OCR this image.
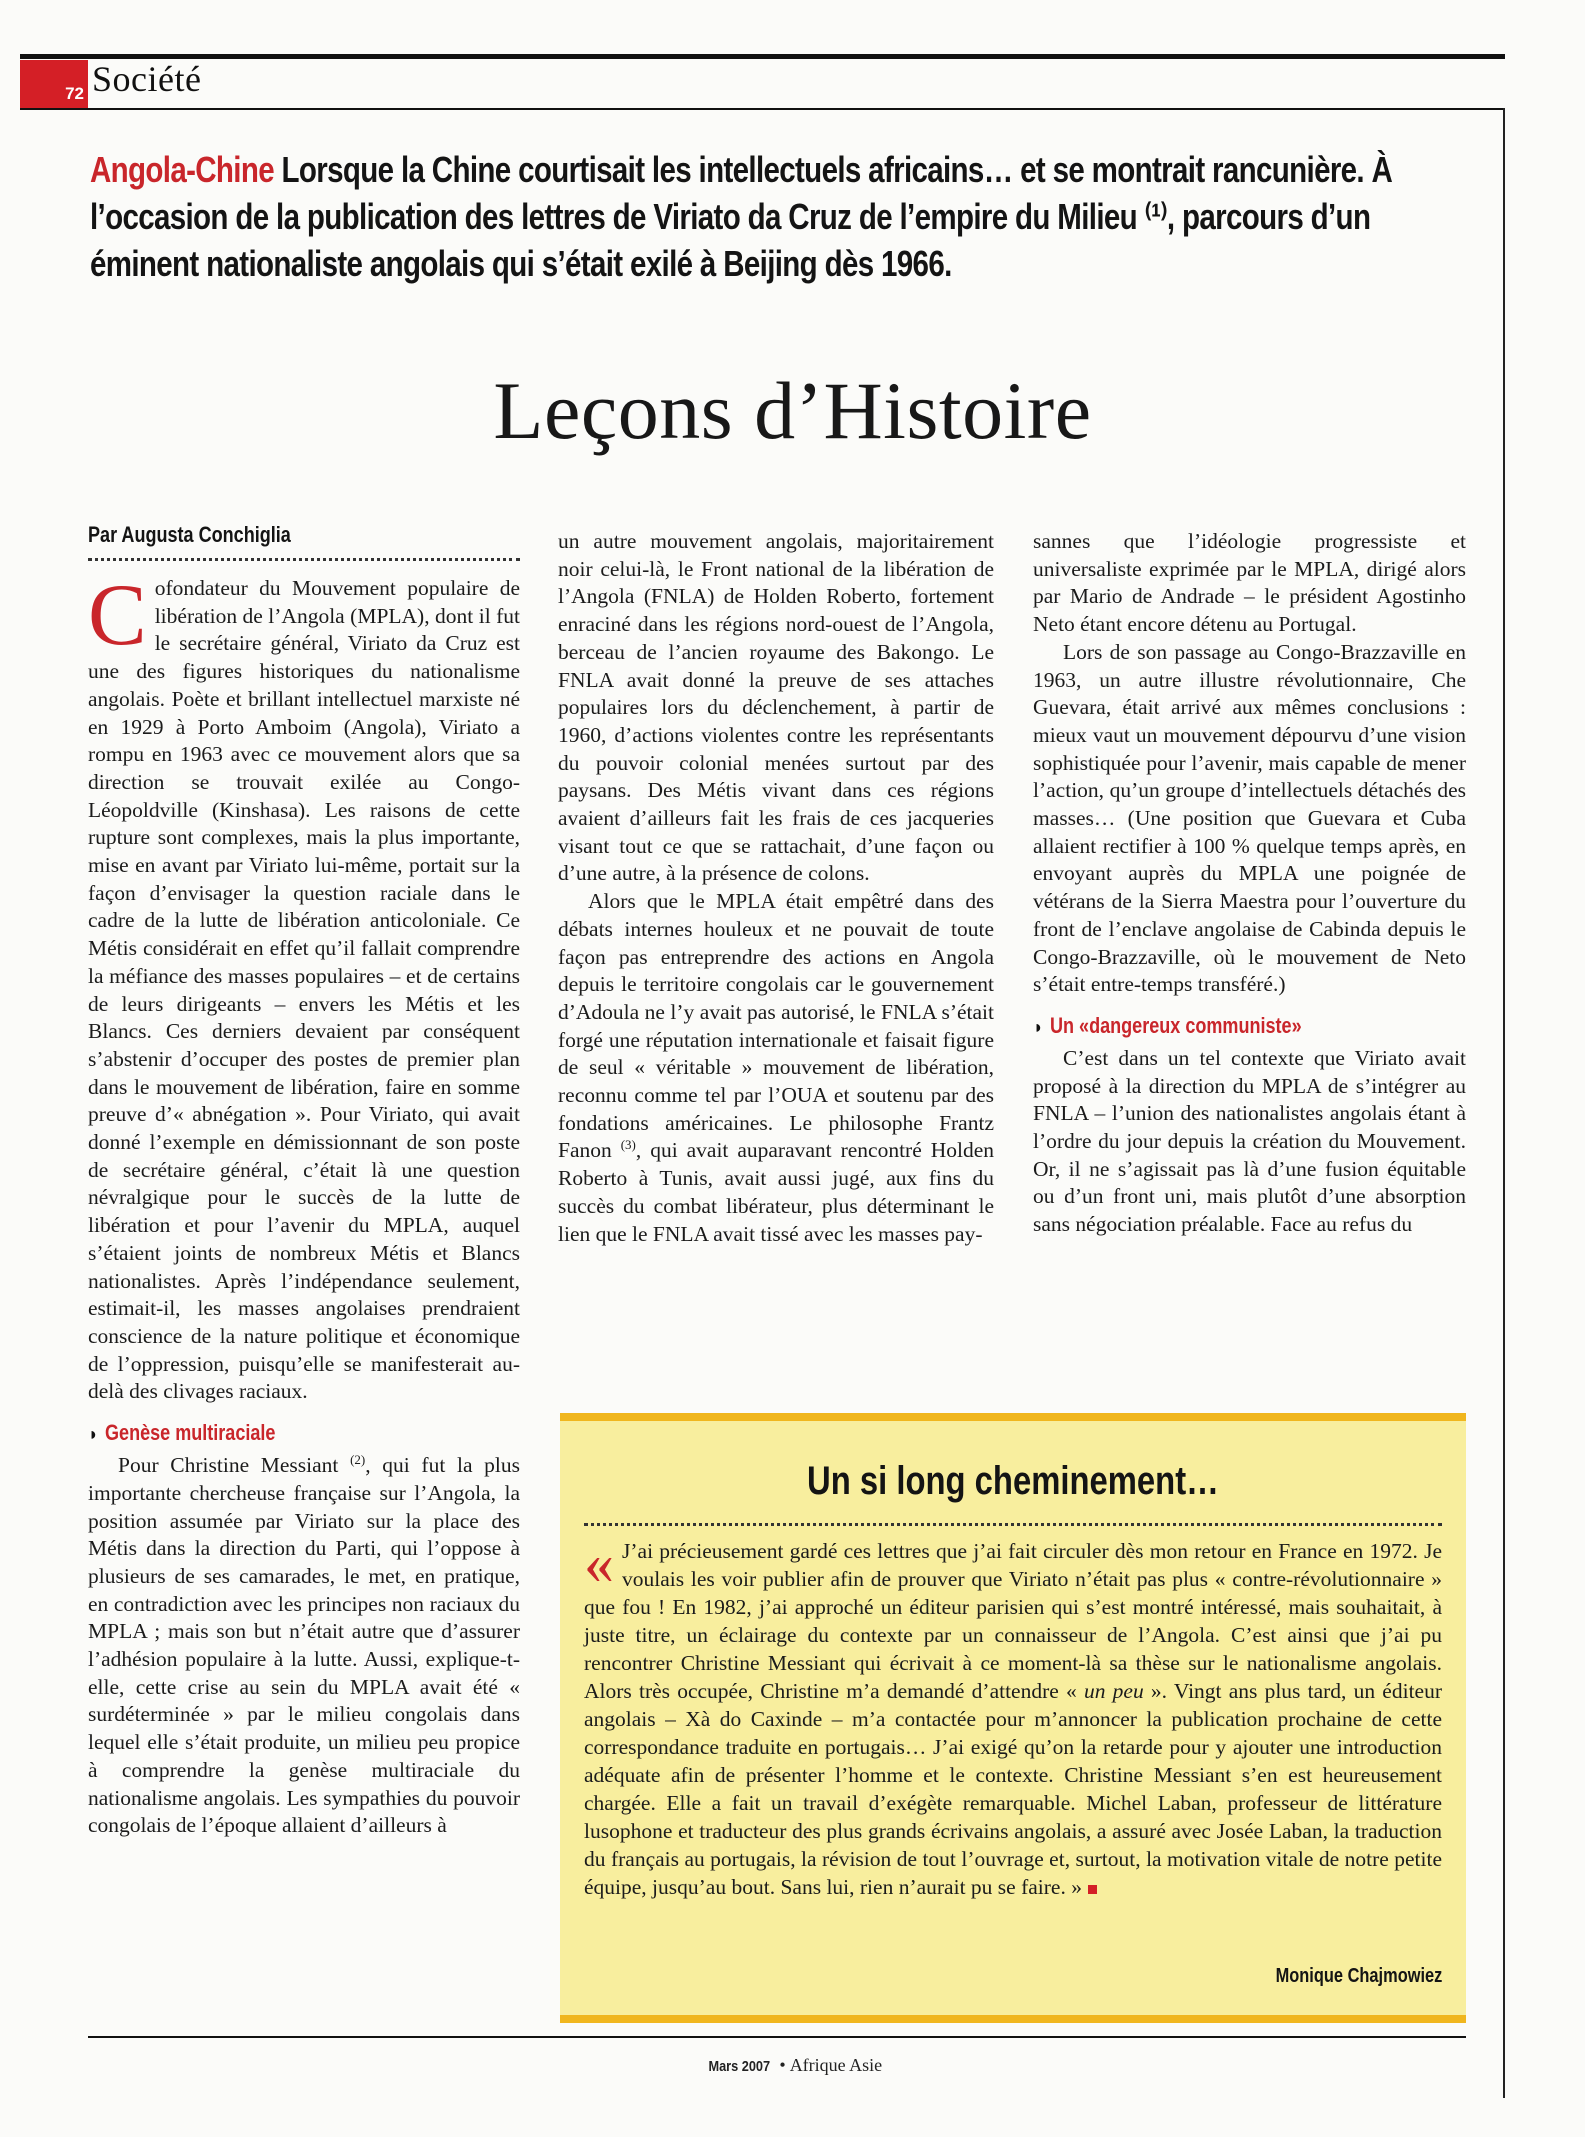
72 Société
Angola-Chine Lorsque la Chine courtisait les intellectuels africains… et se montrait rancunière. À l’occasion de la publication des lettres de Viriato da Cruz de l’empire du Milieu ⁽¹⁾, parcours d’un éminent nationaliste angolais qui s’était exilé à Beijing dès 1966.
Leçons d’Histoire
Par Augusta Conchiglia

Cofondateur du Mouvement populaire de libération de l’Angola (MPLA), dont il fut le secrétaire général, Viriato da Cruz est une des figures historiques du nationalisme angolais. Poète et brillant intellectuel marxiste né en 1929 à Porto Amboim (Angola), Viriato a rompu en 1963 avec ce mouvement alors que sa direction se trouvait exilée au Congo-Léopoldville (Kinshasa). Les raisons de cette rupture sont complexes, mais la plus importante, mise en avant par Viriato lui-même, portait sur la façon d’envisager la question raciale dans le cadre de la lutte de libération anticoloniale. Ce Métis considérait en effet qu’il fallait comprendre la méfiance des masses populaires – et de certains de leurs dirigeants – envers les Métis et les Blancs. Ces derniers devaient par conséquent s’abstenir d’occuper des postes de premier plan dans le mouvement de libération, faire en somme preuve d’« abnégation ». Pour Viriato, qui avait donné l’exemple en démissionnant de son poste de secrétaire général, c’était là une question névralgique pour le succès de la lutte de libération et pour l’avenir du MPLA, auquel s’étaient joints de nombreux Métis et Blancs nationalistes. Après l’indépendance seulement, estimait-il, les masses angolaises prendraient conscience de la nature politique et économique de l’oppression, puisqu’elle se manifesterait au-delà des clivages raciaux.

◗ Genèse multiraciale

Pour Christine Messiant $^{(2)}$, qui fut la plus importante chercheuse française sur l’Angola, la position assumée par Viriato sur la place des Métis dans la direction du Parti, qui l’oppose à plusieurs de ses camarades, le met, en pratique, en contradiction avec les principes non raciaux du MPLA ; mais son but n’était autre que d’assurer l’adhésion populaire à la lutte. Aussi, explique-t-elle, cette crise au sein du MPLA avait été « surdéterminée » par le milieu congolais dans lequel elle s’était produite, un milieu peu propice à comprendre la genèse multiraciale du nationalisme angolais. Les sympathies du pouvoir congolais de l’époque allaient d’ailleurs à

un autre mouvement angolais, majoritairement noir celui-là, le Front national de la libération de l’Angola (FNLA) de Holden Roberto, fortement enraciné dans les régions nord-ouest de l’Angola, berceau de l’ancien royaume des Bakongo. Le FNLA avait donné la preuve de ses attaches populaires lors du déclenchement, à partir de 1960, d’actions violentes contre les représentants du pouvoir colonial menées surtout par des paysans. Des Métis vivant dans ces régions avaient d’ailleurs fait les frais de ces jacqueries visant tout ce que se rattachait, d’une façon ou d’une autre, à la présence de colons.

Alors que le MPLA était empêtré dans des débats internes houleux et ne pouvait de toute façon pas entreprendre des actions en Angola depuis le territoire congolais car le gouvernement d’Adoula ne l’y avait pas autorisé, le FNLA s’était forgé une réputation internationale et faisait figure de seul « véritable » mouvement de libération, reconnu comme tel par l’OUA et soutenu par des fondations américaines. Le philosophe Frantz Fanon $^{(3)}$, qui avait auparavant rencontré Holden Roberto à Tunis, avait aussi jugé, aux fins du succès du combat libérateur, plus déterminant le lien que le FNLA avait tissé avec les masses pay-

sannes que l’idéologie progressiste et universaliste exprimée par le MPLA, dirigé alors par Mario de Andrade – le président Agostinho Neto étant encore détenu au Portugal.

Lors de son passage au Congo-Brazzaville en 1963, un autre illustre révolutionnaire, Che Guevara, était arrivé aux mêmes conclusions : mieux vaut un mouvement dépourvu d’une vision sophistiquée pour l’avenir, mais capable de mener l’action, qu’un groupe d’intellectuels détachés des masses… (Une position que Guevara et Cuba allaient rectifier à 100 % quelque temps après, en envoyant auprès du MPLA une poignée de vétérans de la Sierra Maestra pour l’ouverture du front de l’enclave angolaise de Cabinda depuis le Congo-Brazzaville, où le mouvement de Neto s’était entre-temps transféré.)

◗ Un «dangereux communiste»

C’est dans un tel contexte que Viriato avait proposé à la direction du MPLA de s’intégrer au FNLA – l’union des nationalistes angolais étant à l’ordre du jour depuis la création du Mouvement. Or, il ne s’agissait pas là d’une fusion équitable ou d’un front uni, mais plutôt d’une absorption sans négociation préalable. Face au refus du

Un si long cheminement…
« J’ai précieusement gardé ces lettres que j’ai fait circuler dès mon retour en France en 1972. Je voulais les voir publier afin de prouver que Viriato n’était pas plus « contre-révolutionnaire » que fou ! En 1982, j’ai approché un éditeur parisien qui s’est montré intéressé, mais souhaitait, à juste titre, un éclairage du contexte par un connaisseur de l’Angola. C’est ainsi que j’ai pu rencontrer Christine Messiant qui écrivait à ce moment-là sa thèse sur le nationalisme angolais. Alors très occupée, Christine m’a demandé d’attendre « un peu ». Vingt ans plus tard, un éditeur angolais – Xà do Caxinde – m’a contactée pour m’annoncer la publication prochaine de cette correspondance traduite en portugais… J’ai exigé qu’on la retarde pour y ajouter une introduction adéquate afin de présenter l’homme et le contexte. Christine Messiant s’en est heureusement chargée. Elle a fait un travail d’exégète remarquable. Michel Laban, professeur de littérature lusophone et traducteur des plus grands écrivains angolais, a assuré avec Josée Laban, la traduction du français au portugais, la révision de tout l’ouvrage et, surtout, la motivation vitale de notre petite équipe, jusqu’au bout. Sans lui, rien n’aurait pu se faire. »
Monique Chajmowiez
Mars 2007 • Afrique Asie
